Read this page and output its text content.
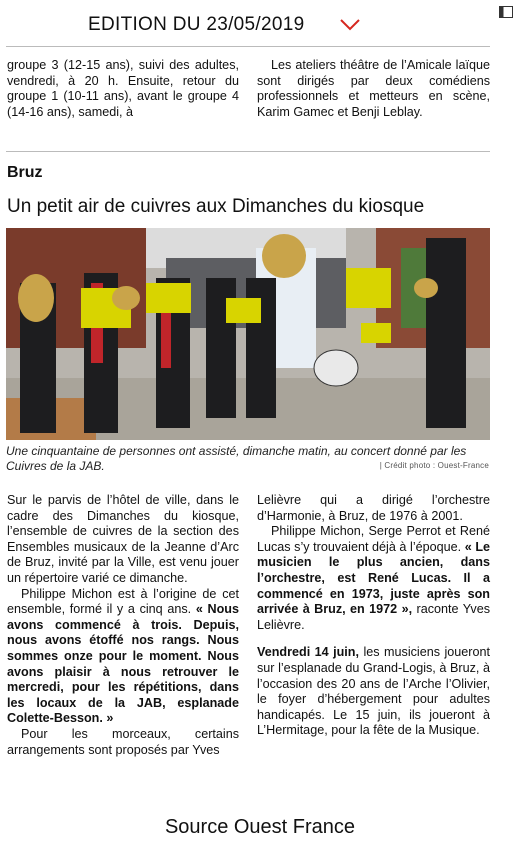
EDITION DU 23/05/2019

groupe 3 (12-15 ans), suivi des adultes, vendredi, à 20 h. Ensuite, retour du groupe 1 (10-11 ans), avant le groupe 4 (14-16 ans), samedi, à

Les ateliers théâtre de l’Amicale laïque sont dirigés par deux comédiens professionnels et metteurs en scène, Karim Gamec et Benji Leblay.

Bruz
Un petit air de cuivres aux Dimanches du kiosque
Une cinquantaine de personnes ont assisté, dimanche matin, au concert donné par les Cuivres de la JAB.	| Crédit photo : Ouest-France

Sur le parvis de l’hôtel de ville, dans le cadre des Dimanches du kiosque, l’ensemble de cuivres de la section des Ensembles musicaux de la Jeanne d’Arc de Bruz, invité par la Ville, est venu jouer un répertoire varié ce dimanche.

Philippe Michon est à l’origine de cet ensemble, formé il y a cinq ans. « Nous avons commencé à trois. Depuis, nous avons étoffé nos rangs. Nous sommes onze pour le moment. Nous avons plaisir à nous retrouver le mercredi, pour les répétitions, dans les locaux de la JAB, esplanade Colette-Besson. »

Pour les morceaux, certains arrangements sont proposés par Yves

Lelièvre qui a dirigé l’orchestre d’Harmonie, à Bruz, de 1976 à 2001.

Philippe Michon, Serge Perrot et René Lucas s’y trouvaient déjà à l’époque. « Le musicien le plus ancien, dans l’orchestre, est René Lucas. Il a commencé en 1973, juste après son arrivée à Bruz, en 1972 », raconte Yves Lelièvre.

Vendredi 14 juin, les musiciens joueront sur l’esplanade du Grand-Logis, à Bruz, à l’occasion des 20 ans de l’Arche l’Olivier, le foyer d’hébergement pour adultes handicapés. Le 15 juin, ils joueront à L’Hermitage, pour la fête de la Musique.

Source Ouest France
